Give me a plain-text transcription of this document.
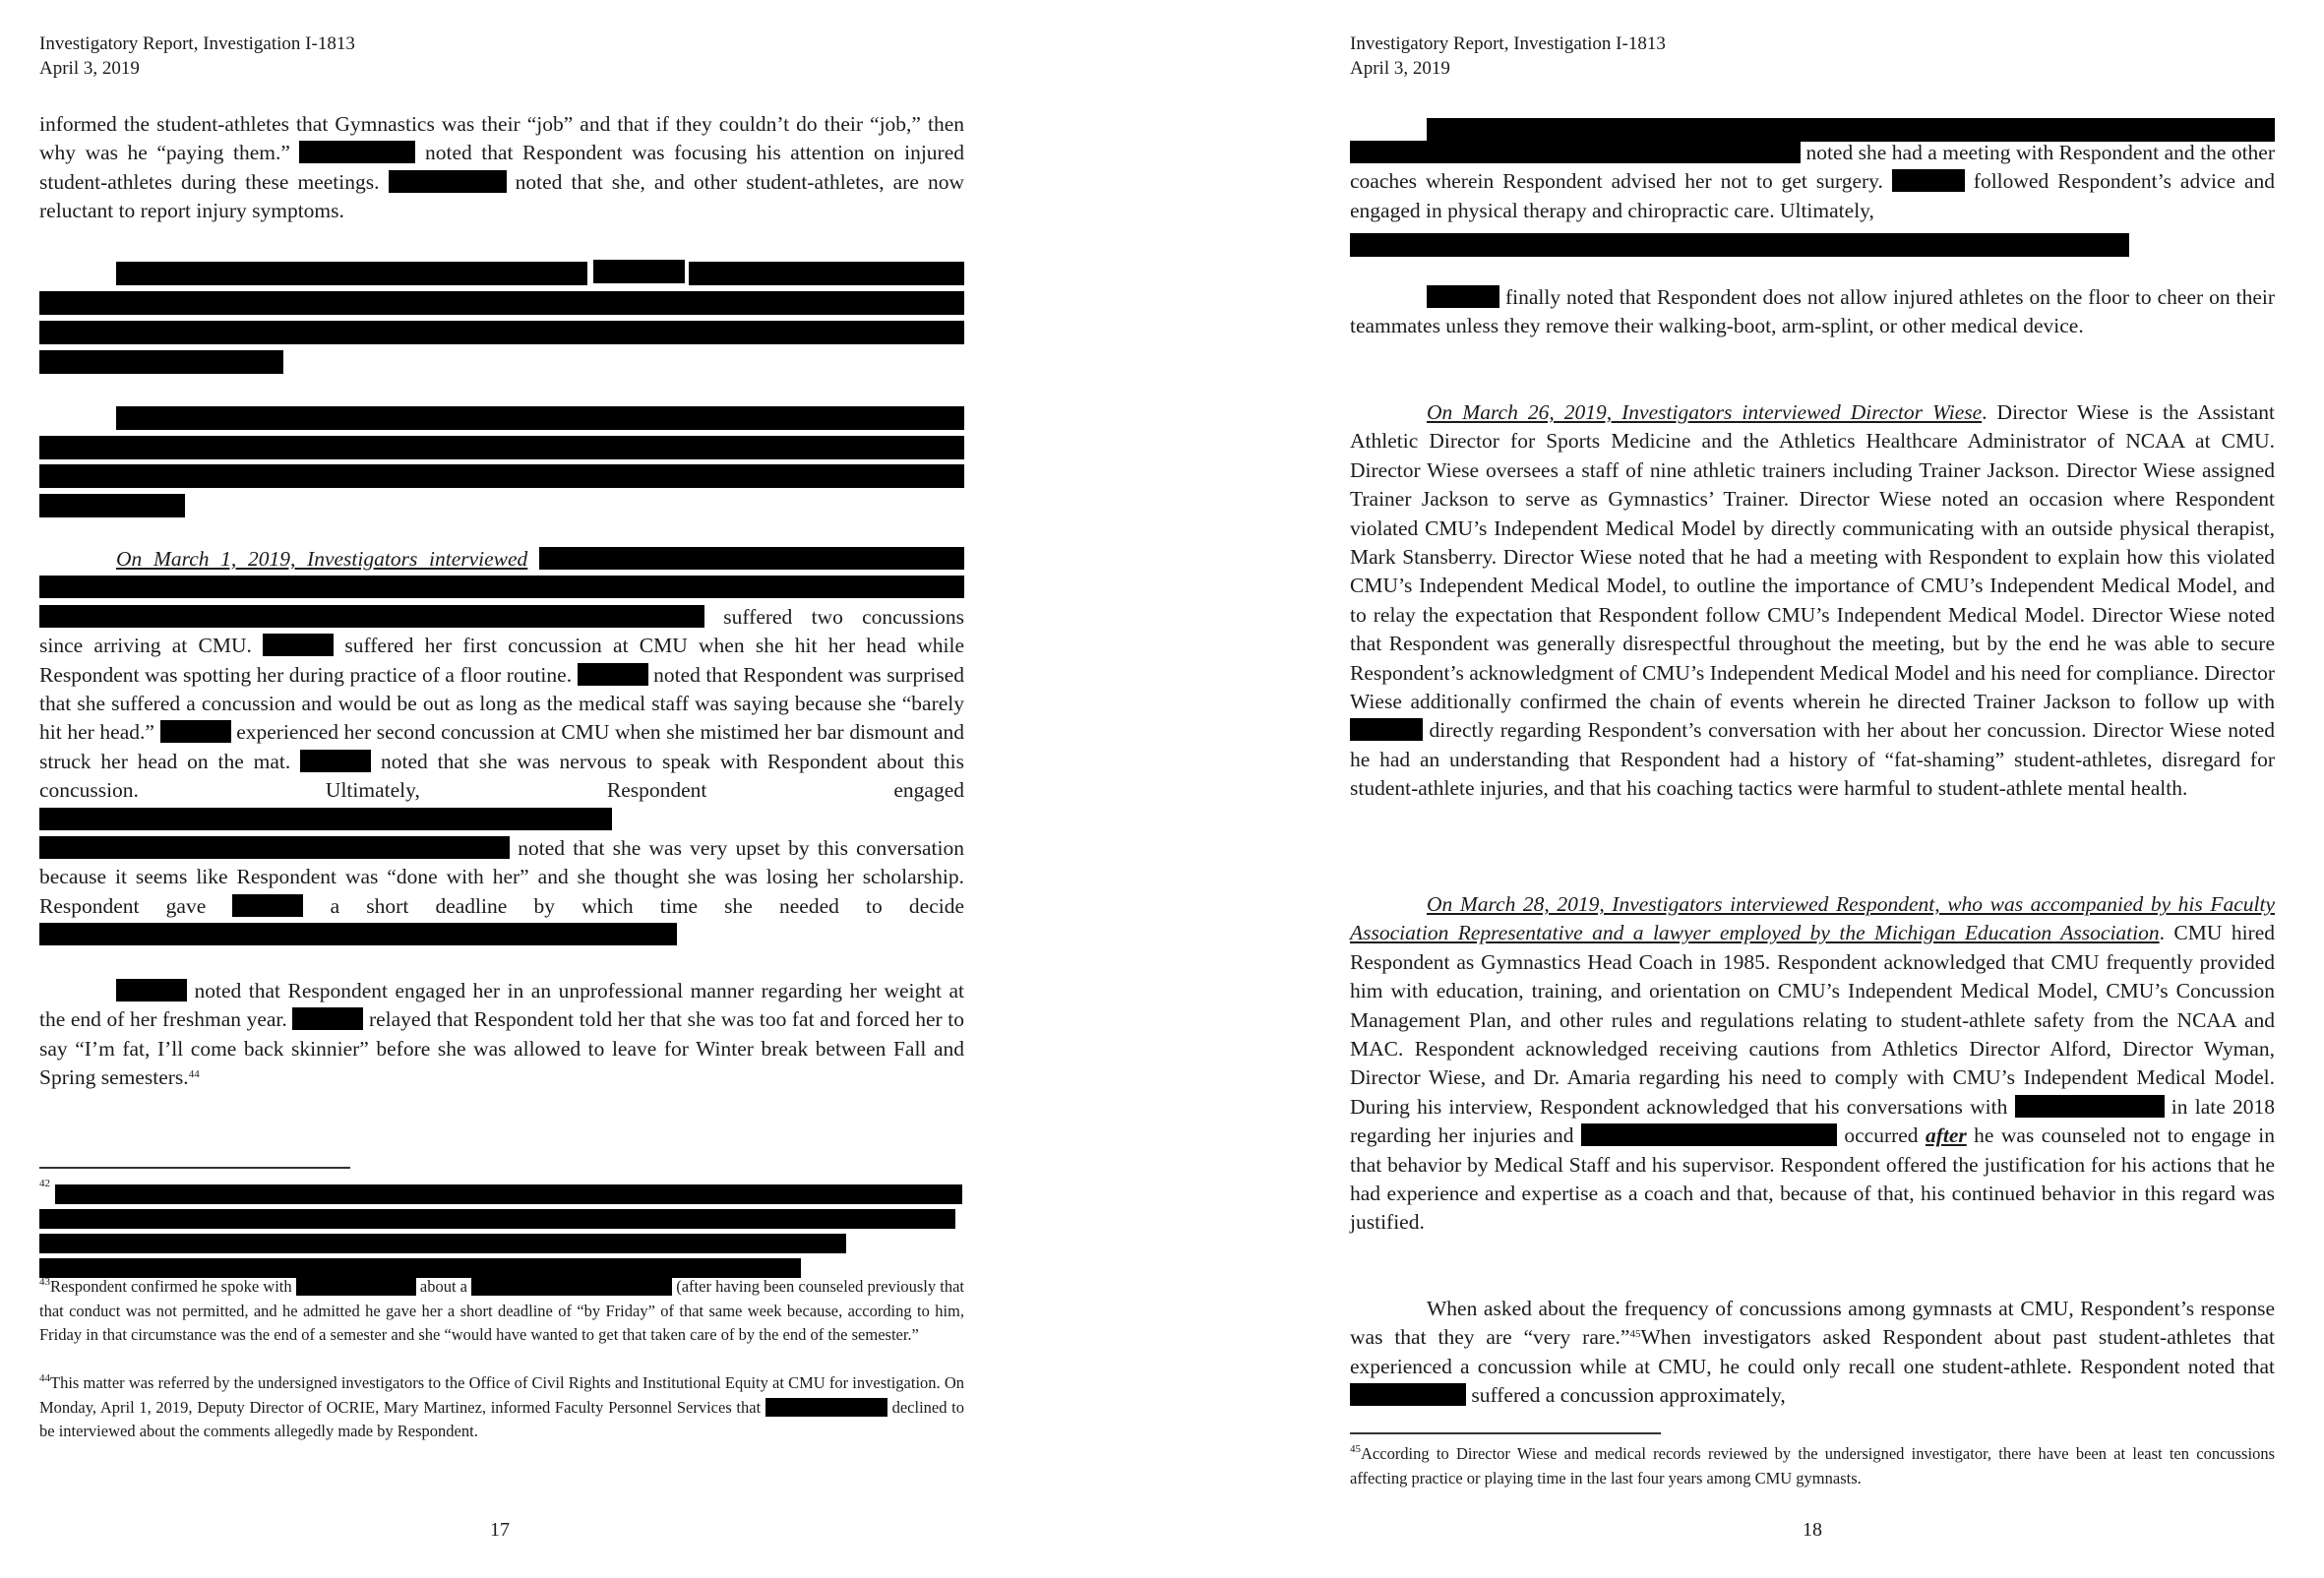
Investigatory Report, Investigation I-1813
April 3, 2019

informed the student-athletes that Gymnastics was their “job” and that if they couldn’t do their “job,” then why was he “paying them.”	noted that Respondent was focusing his attention on injured student-athletes during these meetings.	noted that she, and other student-athletes, are now reluctant to report injury symptoms.

On March 1, 2019, Investigators interviewed    suffered two concussions since arriving at CMU.	suffered her first concussion at CMU when she hit her head while Respondent was spotting her during practice of a floor routine.	noted that Respondent was surprised that she suffered a concussion and would be out as long as the medical staff was saying because she “barely hit her head.”	experienced her second concussion at CMU when she mistimed her bar dismount and struck her head on the mat.	noted that she was nervous to speak with Respondent about this concussion. Ultimately, Respondent engaged   noted that she was very upset by this conversation because it seems like Respondent was “done with her” and she thought she was losing her scholarship. Respondent gave	a short deadline by which time she needed to decide

noted that Respondent engaged her in an unprofessional manner regarding her weight at the end of her freshman year.	relayed that Respondent told her that she was too fat and forced her to say “I’m fat, I’ll come back skinnier” before she was allowed to leave for Winter break between Fall and Spring semesters.$^{44}$

42

$^{43}$Respondent confirmed he spoke with	about a	(after having been counseled previously that that conduct was not permitted, and he admitted he gave her a short deadline of “by Friday” of that same week because, according to him, Friday in that circumstance was the end of a semester and she “would have wanted to get that taken care of by the end of the semester.”

$^{44}$This matter was referred by the undersigned investigators to the Office of Civil Rights and Institutional Equity at CMU for investigation. On Monday, April 1, 2019, Deputy Director of OCRIE, Mary Martinez, informed Faculty Personnel Services that	declined to be interviewed about the comments allegedly made by Respondent.

17
Investigatory Report, Investigation I-1813
April 3, 2019

noted she had a meeting with Respondent and the other coaches wherein Respondent advised her not to get surgery.	followed Respondent’s advice and engaged in physical therapy and chiropractic care. Ultimately,

finally noted that Respondent does not allow injured athletes on the floor to cheer on their teammates unless they remove their walking-boot, arm-splint, or other medical device.

On March 26, 2019, Investigators interviewed Director Wiese. Director Wiese is the Assistant Athletic Director for Sports Medicine and the Athletics Healthcare Administrator of NCAA at CMU. Director Wiese oversees a staff of nine athletic trainers including Trainer Jackson. Director Wiese assigned Trainer Jackson to serve as Gymnastics’ Trainer. Director Wiese noted an occasion where Respondent violated CMU’s Independent Medical Model by directly communicating with an outside physical therapist, Mark Stansberry. Director Wiese noted that he had a meeting with Respondent to explain how this violated CMU’s Independent Medical Model, to outline the importance of CMU’s Independent Medical Model, and to relay the expectation that Respondent follow CMU’s Independent Medical Model. Director Wiese noted that Respondent was generally disrespectful throughout the meeting, but by the end he was able to secure Respondent’s acknowledgment of CMU’s Independent Medical Model and his need for compliance. Director Wiese additionally confirmed the chain of events wherein he directed Trainer Jackson to follow up with  directly regarding Respondent’s conversation with her about her concussion. Director Wiese noted he had an understanding that Respondent had a history of “fat-shaming” student-athletes, disregard for student-athlete injuries, and that his coaching tactics were harmful to student-athlete mental health.

On March 28, 2019, Investigators interviewed Respondent, who was accompanied by his Faculty Association Representative and a lawyer employed by the Michigan Education Association. CMU hired Respondent as Gymnastics Head Coach in 1985. Respondent acknowledged that CMU frequently provided him with education, training, and orientation on CMU’s Independent Medical Model, CMU’s Concussion Management Plan, and other rules and regulations relating to student-athlete safety from the NCAA and MAC. Respondent acknowledged receiving cautions from Athletics Director Alford, Director Wyman, Director Wiese, and Dr. Amaria regarding his need to comply with CMU’s Independent Medical Model. During his interview, Respondent acknowledged that his conversations with	in late 2018 regarding her injuries and	occurred after he was counseled not to engage in that behavior by Medical Staff and his supervisor. Respondent offered the justification for his actions that he had experience and expertise as a coach and that, because of that, his continued behavior in this regard was justified.

When asked about the frequency of concussions among gymnasts at CMU, Respondent’s response was that they are “very rare.”$^{45}$When investigators asked Respondent about past student-athletes that experienced a concussion while at CMU, he could only recall one student-athlete. Respondent noted that  suffered a concussion approximately,

$^{45}$According to Director Wiese and medical records reviewed by the undersigned investigator, there have been at least ten concussions affecting practice or playing time in the last four years among CMU gymnasts.

18
